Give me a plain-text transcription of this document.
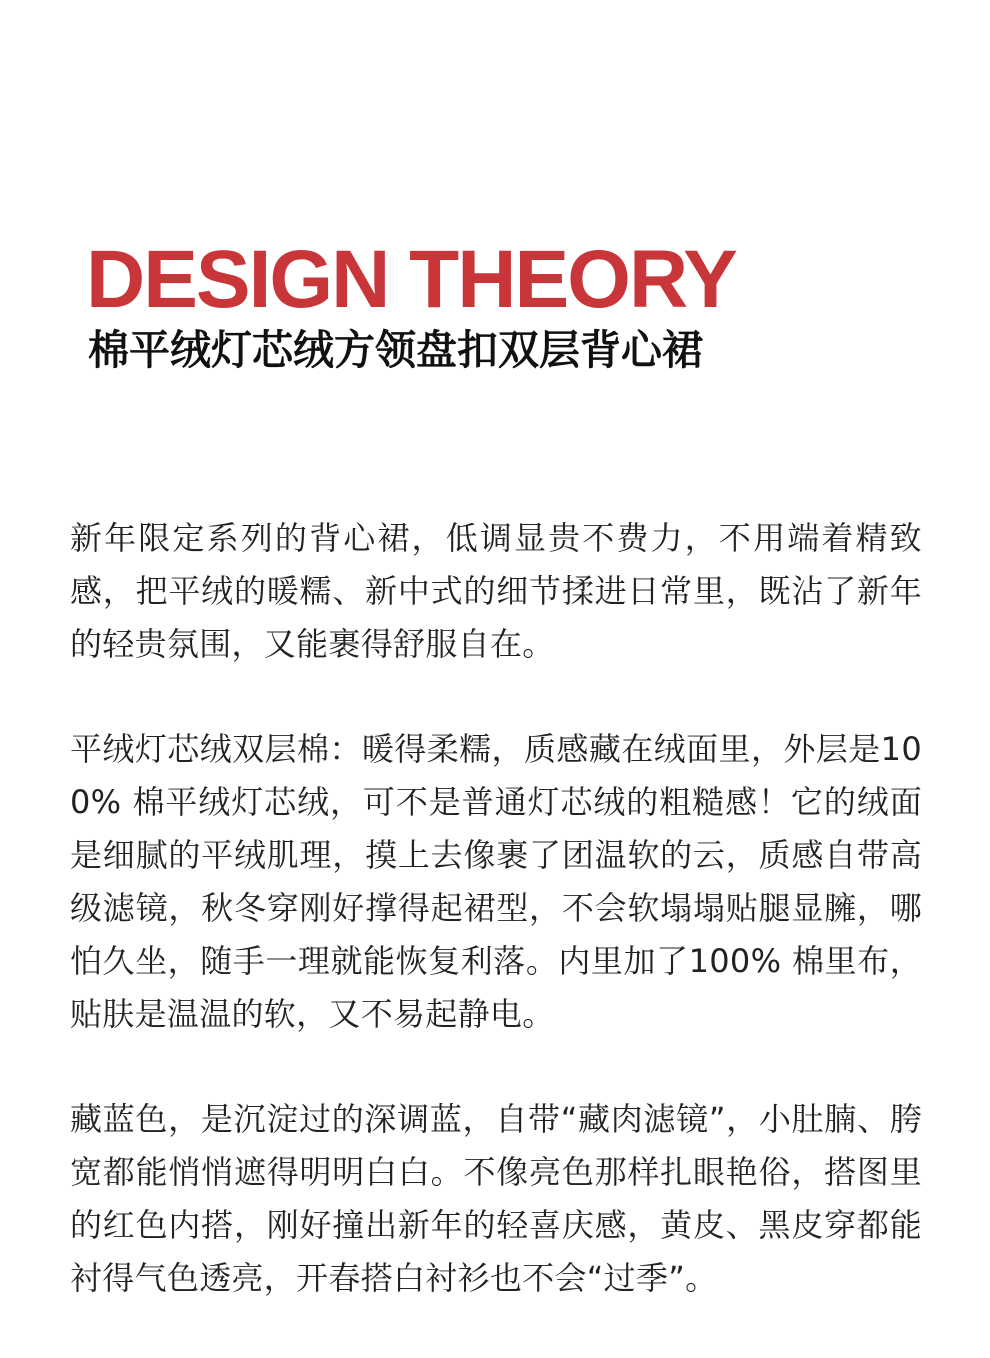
DESIGN THEORY
棉平绒灯芯绒方领盘扣双层背心裙

新年限定系列的背心裙，低调显贵不费力，不用端着精致感，把平绒的暖糯、新中式的细节揉进日常里，既沾了新年的轻贵氛围，又能裹得舒服自在。

平绒灯芯绒双层棉：暖得柔糯，质感藏在绒面里，外层是100% 棉平绒灯芯绒，可不是普通灯芯绒的粗糙感！它的绒面是细腻的平绒肌理，摸上去像裹了团温软的云，质感自带高级滤镜，秋冬穿刚好撑得起裙型，不会软塌塌贴腿显臃，哪怕久坐，随手一理就能恢复利落。内里加了100% 棉里布，贴肤是温温的软，又不易起静电。

藏蓝色，是沉淀过的深调蓝，自带“藏肉滤镜”，小肚腩、胯宽都能悄悄遮得明明白白。不像亮色那样扎眼艳俗，搭图里的红色内搭，刚好撞出新年的轻喜庆感，黄皮、黑皮穿都能衬得气色透亮，开春搭白衬衫也不会“过季”。
